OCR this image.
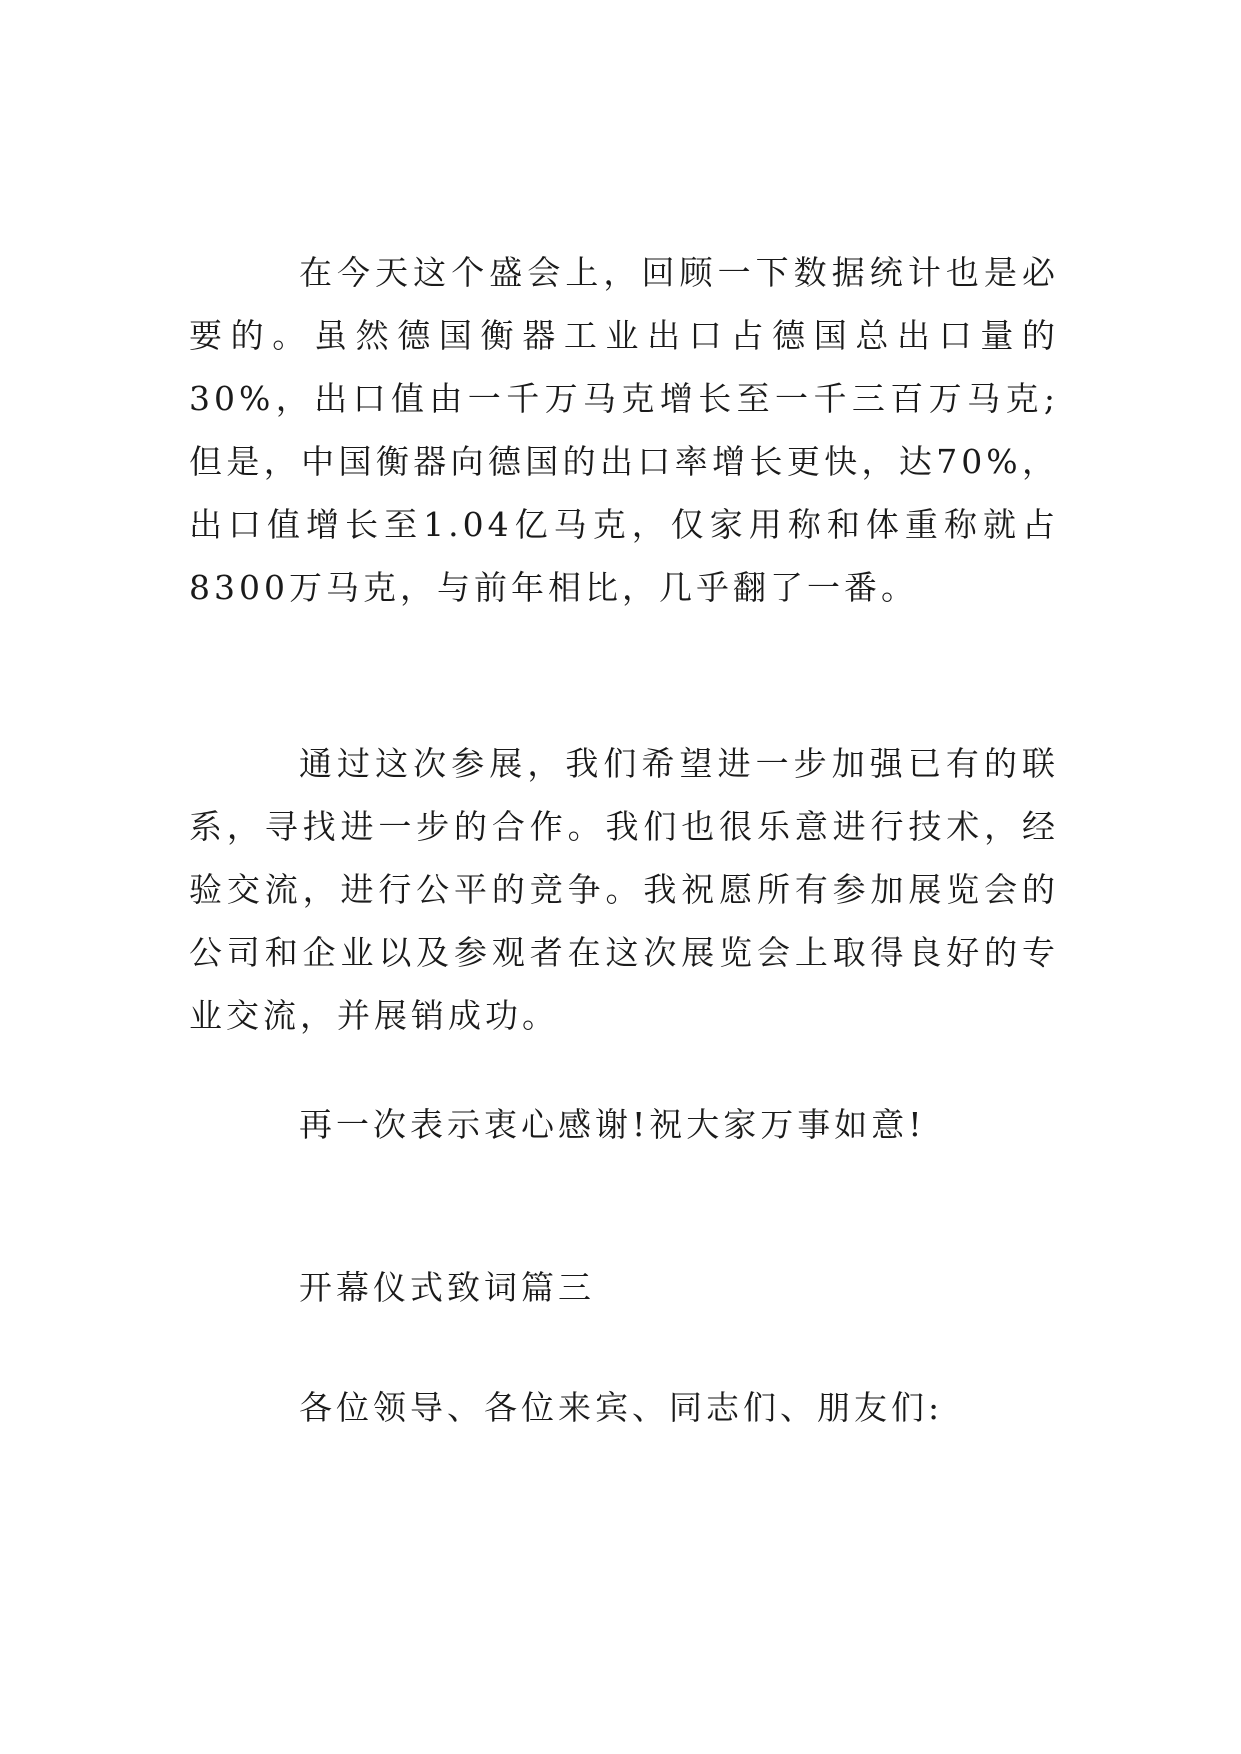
在今天这个盛会上，回顾一下数据统计也是必要的。虽然德国衡器工业出口占德国总出口量的30%，出口值由一千万马克增长至一千三百万马克;但是，中国衡器向德国的出口率增长更快，达70%，出口值增长至1.04亿马克，仅家用称和体重称就占8300万马克，与前年相比，几乎翻了一番。

通过这次参展，我们希望进一步加强已有的联系，寻找进一步的合作。我们也很乐意进行技术，经验交流，进行公平的竞争。我祝愿所有参加展览会的公司和企业以及参观者在这次展览会上取得良好的专业交流，并展销成功。

再一次表示衷心感谢!祝大家万事如意!

开幕仪式致词篇三

各位领导、各位来宾、同志们、朋友们:
